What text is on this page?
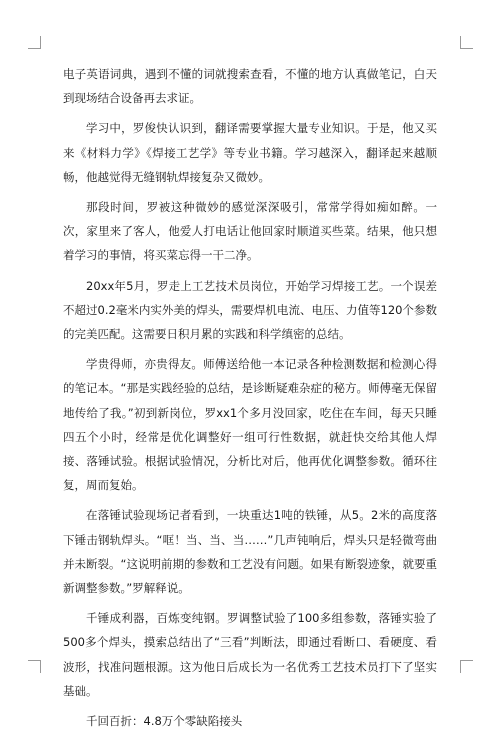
电子英语词典，遇到不懂的词就搜索查看，不懂的地方认真做笔记，白天到现场结合设备再去求证。

学习中，罗俊快认识到，翻译需要掌握大量专业知识。于是，他又买来《材料力学》《焊接工艺学》等专业书籍。学习越深入，翻译起来越顺畅，他越觉得无缝钢轨焊接复杂又微妙。

那段时间，罗被这种微妙的感觉深深吸引，常常学得如痴如醉。一次，家里来了客人，他爱人打电话让他回家时顺道买些菜。结果，他只想着学习的事情，将买菜忘得一干二净。

20xx年5月，罗走上工艺技术员岗位，开始学习焊接工艺。一个误差不超过0.2毫米内实外美的焊头，需要焊机电流、电压、力值等120个参数的完美匹配。这需要日积月累的实践和科学缜密的总结。

学贵得师，亦贵得友。师傅送给他一本记录各种检测数据和检测心得的笔记本。“那是实践经验的总结，是诊断疑难杂症的秘方。师傅毫无保留地传给了我。”初到新岗位，罗xx1个多月没回家，吃住在车间，每天只睡四五个小时，经常是优化调整好一组可行性数据，就赶快交给其他人焊接、落锤试验。根据试验情况，分析比对后，他再优化调整参数。循环往复，周而复始。

在落锤试验现场记者看到，一块重达1吨的铁锤，从5。2米的高度落下锤击钢轨焊头。“哐！当、当、当……”几声钝响后，焊头只是轻微弯曲并未断裂。“这说明前期的参数和工艺没有问题。如果有断裂迹象，就要重新调整参数。”罗解释说。

千锤成利器，百炼变纯钢。罗调整试验了100多组参数，落锤实验了500多个焊头，摸索总结出了“三看”判断法，即通过看断口、看硬度、看波形，找准问题根源。这为他日后成长为一名优秀工艺技术员打下了坚实基础。

千回百折：4.8万个零缺陷接头
